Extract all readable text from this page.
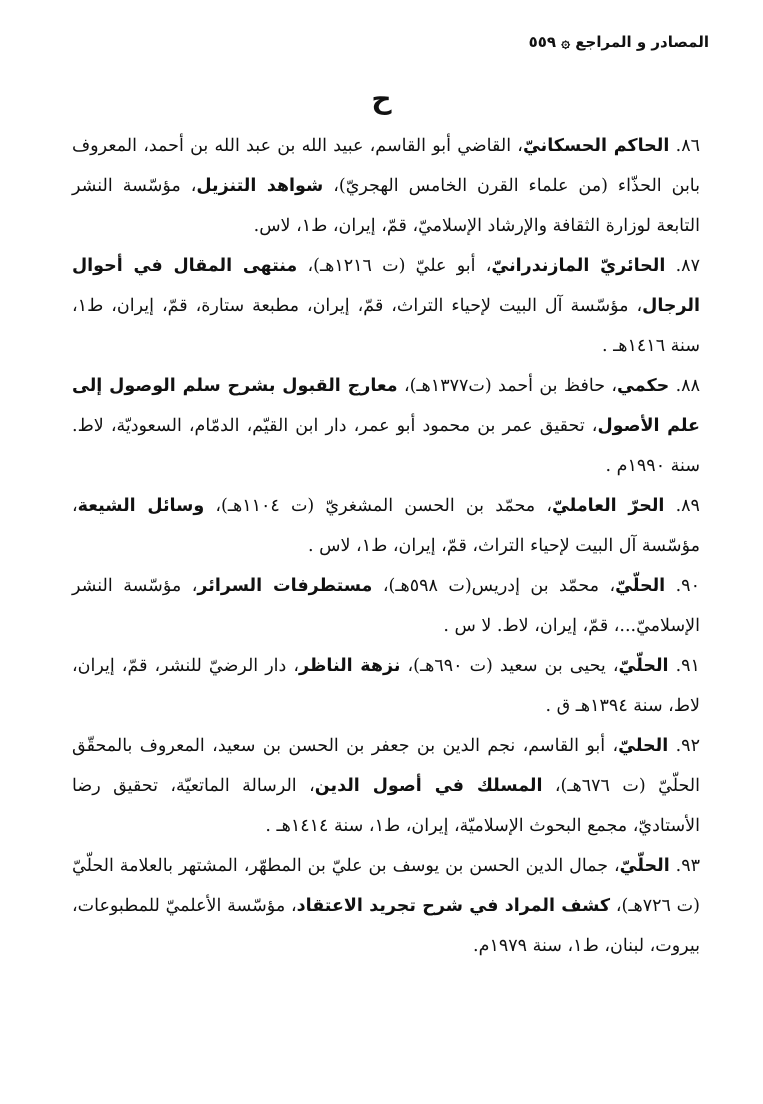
المصادر و المراجع ۞ ٥٥٩
ح

٨٦. الحاكم الحسكانيّ، القاضي أبو القاسم، عبيد الله بن عبد الله بن أحمد، المعروف بابن الحذّاء (من علماء القرن الخامس الهجريّ)، شواهد التنزيل، مؤسّسة النشر التابعة لوزارة الثقافة والإرشاد الإسلاميّ، قمّ، إيران، ط١، لاس.

٨٧. الحائريّ المازندرانيّ، أبو عليّ (ت ١٢١٦هـ)، منتهى المقال في أحوال الرجال، مؤسّسة آل البيت لإحياء التراث، قمّ، إيران، مطبعة ستارة، قمّ، إيران، ط١، سنة ١٤١٦هـ .

٨٨. حكمي، حافظ بن أحمد (ت١٣٧٧هـ)، معارج القبول بشرح سلم الوصول إلى علم الأصول، تحقيق عمر بن محمود أبو عمر، دار ابن القيّم، الدمّام، السعوديّة، لاط. سنة ١٩٩٠م .

٨٩. الحرّ العامليّ، محمّد بن الحسن المشغريّ (ت ١١٠٤هـ)، وسائل الشيعة، مؤسّسة آل البيت لإحياء التراث، قمّ، إيران، ط١، لاس .

٩٠. الحلّيّ، محمّد بن إدريس(ت ٥٩٨هـ)، مستطرفات السرائر، مؤسّسة النشر الإسلاميّ...، قمّ، إيران، لاط. لا س .

٩١. الحلّيّ، يحيى بن سعيد (ت ٦٩٠هـ)، نزهة الناظر، دار الرضيّ للنشر، قمّ، إيران، لاط، سنة ١٣٩٤هـ ق .

٩٢. الحليّ، أبو القاسم، نجم الدين بن جعفر بن الحسن بن سعيد، المعروف بالمحقّق الحلّيّ (ت ٦٧٦هـ)، المسلك في أصول الدين، الرسالة الماتعيّة، تحقيق رضا الأستاديّ، مجمع البحوث الإسلاميّة، إيران، ط١، سنة ١٤١٤هـ .

٩٣. الحلّيّ، جمال الدين الحسن بن يوسف بن عليّ بن المطهّر، المشتهر بالعلامة الحلّيّ (ت ٧٢٦هـ)، كشف المراد في شرح تجريد الاعتقاد، مؤسّسة الأعلميّ للمطبوعات، بيروت، لبنان، ط١، سنة ١٩٧٩م.
